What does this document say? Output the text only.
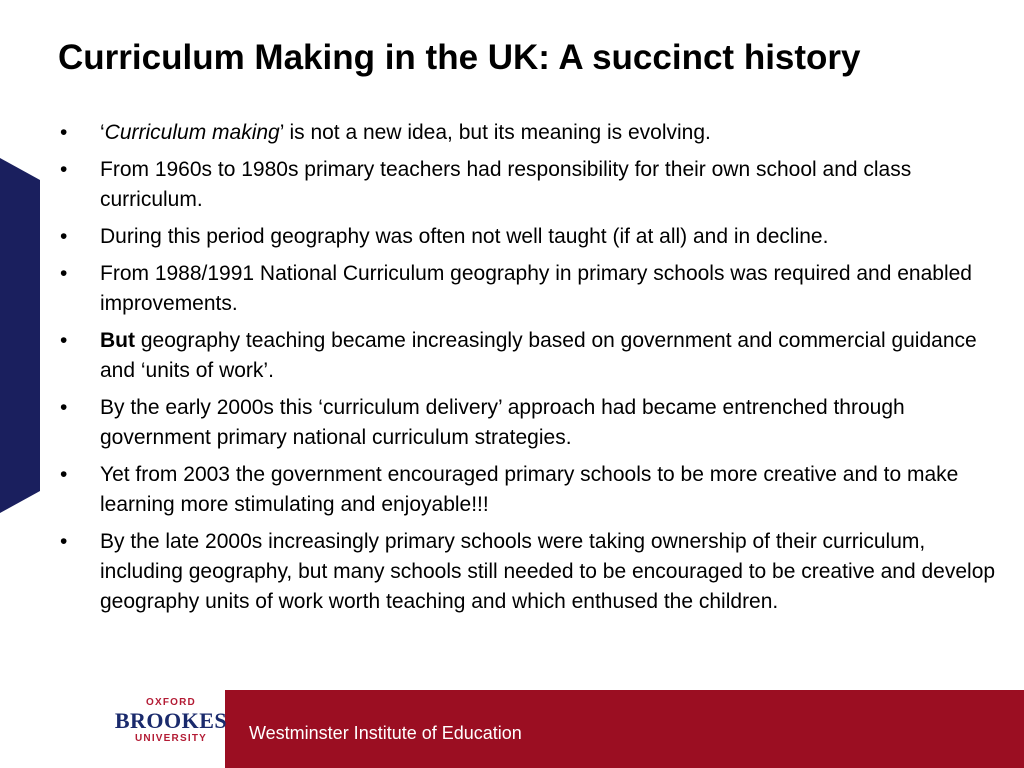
Curriculum Making in the UK: A succinct history
•	‘Curriculum making’ is not a new idea, but its meaning is evolving.
•	From 1960s to 1980s primary teachers had responsibility for their own school and class curriculum.
•	During this period geography was often not well taught (if at all) and in decline.
•	From 1988/1991 National Curriculum geography in primary schools was required and enabled improvements.
•	But geography teaching became increasingly based on government and commercial guidance and ‘units of work’.
•	By the early 2000s this ‘curriculum delivery’ approach had became entrenched through government primary national curriculum strategies.
•	Yet from 2003 the government encouraged primary schools to be more creative and to make learning more stimulating and enjoyable!!!
•	By the late 2000s increasingly primary schools were taking ownership of their curriculum, including geography, but many schools still needed to be encouraged to be creative and develop geography units of work worth teaching and which enthused the children.
OXFORD
BROOKES
UNIVERSITY	Westminster Institute of Education
